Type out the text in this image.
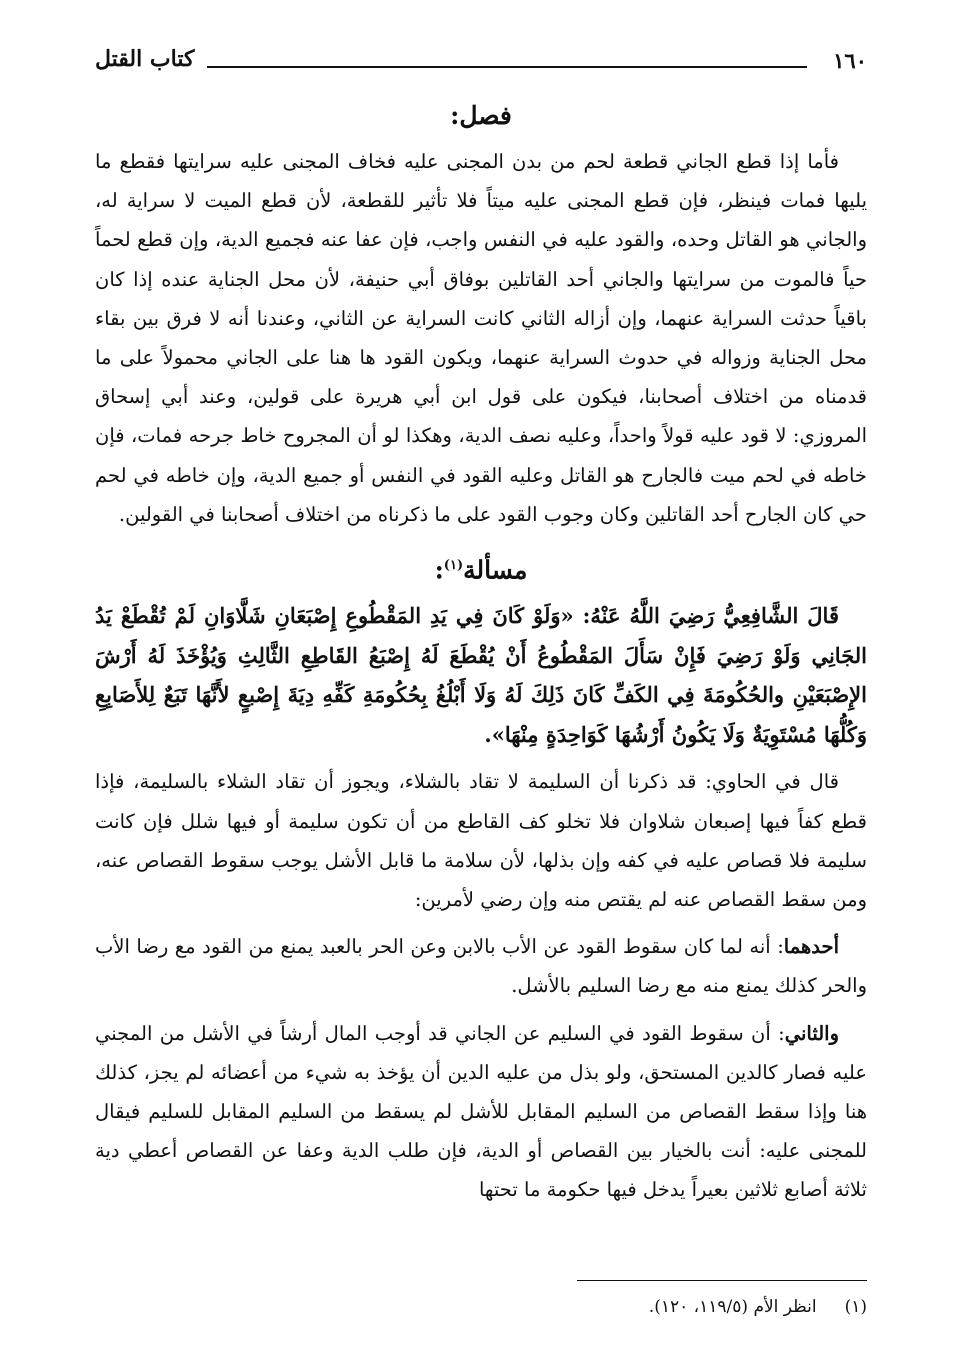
١٦٠
كتاب القتل
فصل:

فأما إذا قطع الجاني قطعة لحم من بدن المجنى عليه فخاف المجنى عليه سرايتها فقطع ما يليها فمات فينظر، فإن قطع المجنى عليه ميتاً فلا تأثير للقطعة، لأن قطع الميت لا سراية له، والجاني هو القاتل وحده، والقود عليه في النفس واجب، فإن عفا عنه فجميع الدية، وإن قطع لحماً حياً فالموت من سرايتها والجاني أحد القاتلين بوفاق أبي حنيفة، لأن محل الجناية عنده إذا كان باقياً حدثت السراية عنهما، وإن أزاله الثاني كانت السراية عن الثاني، وعندنا أنه لا فرق بين بقاء محل الجناية وزواله في حدوث السراية عنهما، ويكون القود ها هنا على الجاني محمولاً على ما قدمناه من اختلاف أصحابنا، فيكون على قول ابن أبي هريرة على قولين، وعند أبي إسحاق المروزي: لا قود عليه قولاً واحداً، وعليه نصف الدية، وهكذا لو أن المجروح خاط جرحه فمات، فإن خاطه في لحم ميت فالجارح هو القاتل وعليه القود في النفس أو جميع الدية، وإن خاطه في لحم حي كان الجارح أحد القاتلين وكان وجوب القود على ما ذكرناه من اختلاف أصحابنا في القولين.

مسألة$^{(١)}$:

قَالَ الشَّافِعِيُّ رَضِيَ اللَّهُ عَنْهُ: «وَلَوْ كَانَ فِي يَدِ المَقْطُوعِ إِصْبَعَانِ شَلَّاوَانِ لَمْ تُقْطَعْ يَدُ الجَانِي وَلَوْ رَضِيَ فَإِنْ سَأَلَ المَقْطُوعُ أَنْ يُقْطَعَ لَهُ إِصْبَعُ القَاطِعِ الثَّالِثِ وَيُؤْخَذَ لَهُ أَرْشَ الإِصْبَعَيْنِ والحُكُومَةَ فِي الكَفِّ كَانَ ذَلِكَ لَهُ وَلَا أَبْلُغُ بِحُكُومَةِ كَفِّهِ دِيَةَ إِصْبعٍ لأَنَّهَا تَبَعٌ لِلأَصَابِعِ وَكُلُّهَا مُسْتَوِيَةٌ وَلَا يَكُونُ أَرْشُهَا كَوَاحِدَةٍ مِنْهَا».

قال في الحاوي: قد ذكرنا أن السليمة لا تقاد بالشلاء، ويجوز أن تقاد الشلاء بالسليمة، فإذا قطع كفاً فيها إصبعان شلاوان فلا تخلو كف القاطع من أن تكون سليمة أو فيها شلل فإن كانت سليمة فلا قصاص عليه في كفه وإن بذلها، لأن سلامة ما قابل الأشل يوجب سقوط القصاص عنه، ومن سقط القصاص عنه لم يقتص منه وإن رضي لأمرين:

أحدهما: أنه لما كان سقوط القود عن الأب بالابن وعن الحر بالعبد يمنع من القود مع رضا الأب والحر كذلك يمنع منه مع رضا السليم بالأشل.

والثاني: أن سقوط القود في السليم عن الجاني قد أوجب المال أرشاً في الأشل من المجني عليه فصار كالدين المستحق، ولو بذل من عليه الدين أن يؤخذ به شيء من أعضائه لم يجز، كذلك هنا وإذا سقط القصاص من السليم المقابل للأشل لم يسقط من السليم المقابل للسليم فيقال للمجنى عليه: أنت بالخيار بين القصاص أو الدية، فإن طلب الدية وعفا عن القصاص أعطي دية ثلاثة أصابع ثلاثين بعيراً يدخل فيها حكومة ما تحتها

(١)انظر الأم (١١٩/٥، ١٢٠).
